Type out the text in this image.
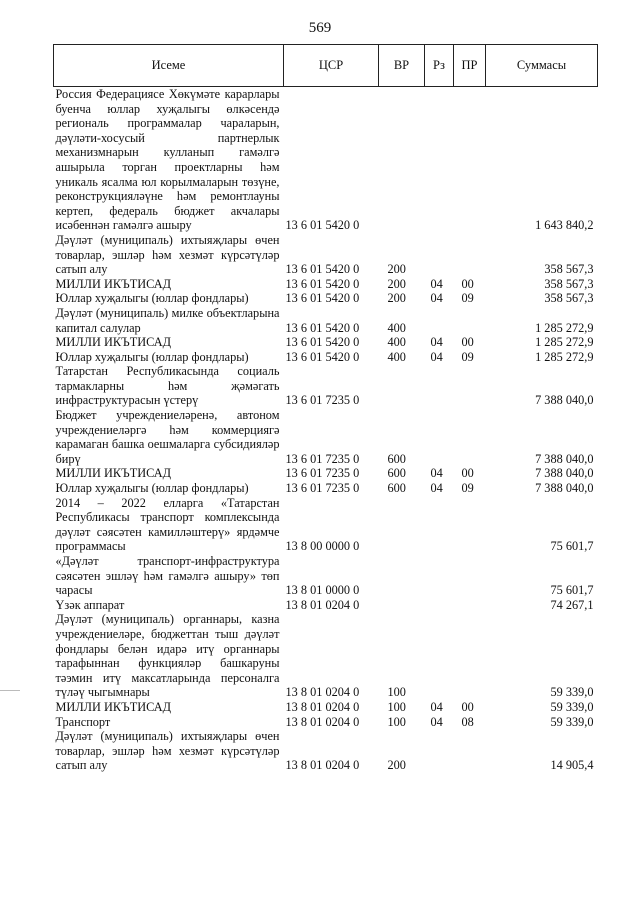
569
Исеме	ЦСР	ВР	Рз	ПР	Суммасы
Россия Федерациясе Хөкүмәте карарлары буенча юллар хуҗалыгы өлкәсендә региональ программалар чараларын, дәүләти-хосусый партнерлык механизмнарын кулланып гамәлгә ашырыла торган проектларны һәм уникаль ясалма юл корылмаларын төзүне, реконструкцияләүне һәм ремонтлауны кертеп, федераль бюджет акчалары исәбеннән гамәлгә ашыру	13 6 01 5420 0				1 643 840,2
Дәүләт (муниципаль) ихтыяҗлары өчен товарлар, эшләр һәм хезмәт күрсәтүләр сатып алу	13 6 01 5420 0	200			358 567,3
МИЛЛИ ИКЪТИСАД	13 6 01 5420 0	200	04	00	358 567,3
Юллар хуҗалыгы (юллар фондлары)	13 6 01 5420 0	200	04	09	358 567,3
Дәүләт (муниципаль) милке объектларына капитал салулар	13 6 01 5420 0	400			1 285 272,9
МИЛЛИ ИКЪТИСАД	13 6 01 5420 0	400	04	00	1 285 272,9
Юллар хуҗалыгы (юллар фондлары)	13 6 01 5420 0	400	04	09	1 285 272,9
Татарстан Республикасында социаль тармакларны һәм җәмәгать инфраструктурасын үстерү	13 6 01 7235 0				7 388 040,0
Бюджет учреждениеләренә, автоном учреждениеләргә һәм коммерциягә карамаган башка оешмаларга субсидияләр бирү	13 6 01 7235 0	600			7 388 040,0
МИЛЛИ ИКЪТИСАД	13 6 01 7235 0	600	04	00	7 388 040,0
Юллар хуҗалыгы (юллар фондлары)	13 6 01 7235 0	600	04	09	7 388 040,0
2014 – 2022 елларга «Татарстан Республикасы транспорт комплексында дәүләт сәясәтен камилләштерү» ярдәмче программасы	13 8 00 0000 0				75 601,7
«Дәүләт транспорт-инфраструктура сәясәтен эшләү һәм гамәлгә ашыру» төп чарасы	13 8 01 0000 0				75 601,7
Үзәк аппарат	13 8 01 0204 0				74 267,1
Дәүләт (муниципаль) органнары, казна учреждениеләре, бюджеттан тыш дәүләт фондлары белән идарә итү органнары тарафыннан функцияләр башкаруны тәэмин итү максатларында персоналга түләү чыгымнары	13 8 01 0204 0	100			59 339,0
МИЛЛИ ИКЪТИСАД	13 8 01 0204 0	100	04	00	59 339,0
Транспорт	13 8 01 0204 0	100	04	08	59 339,0
Дәүләт (муниципаль) ихтыяҗлары өчен товарлар, эшләр һәм хезмәт күрсәтүләр сатып алу	13 8 01 0204 0	200			14 905,4
